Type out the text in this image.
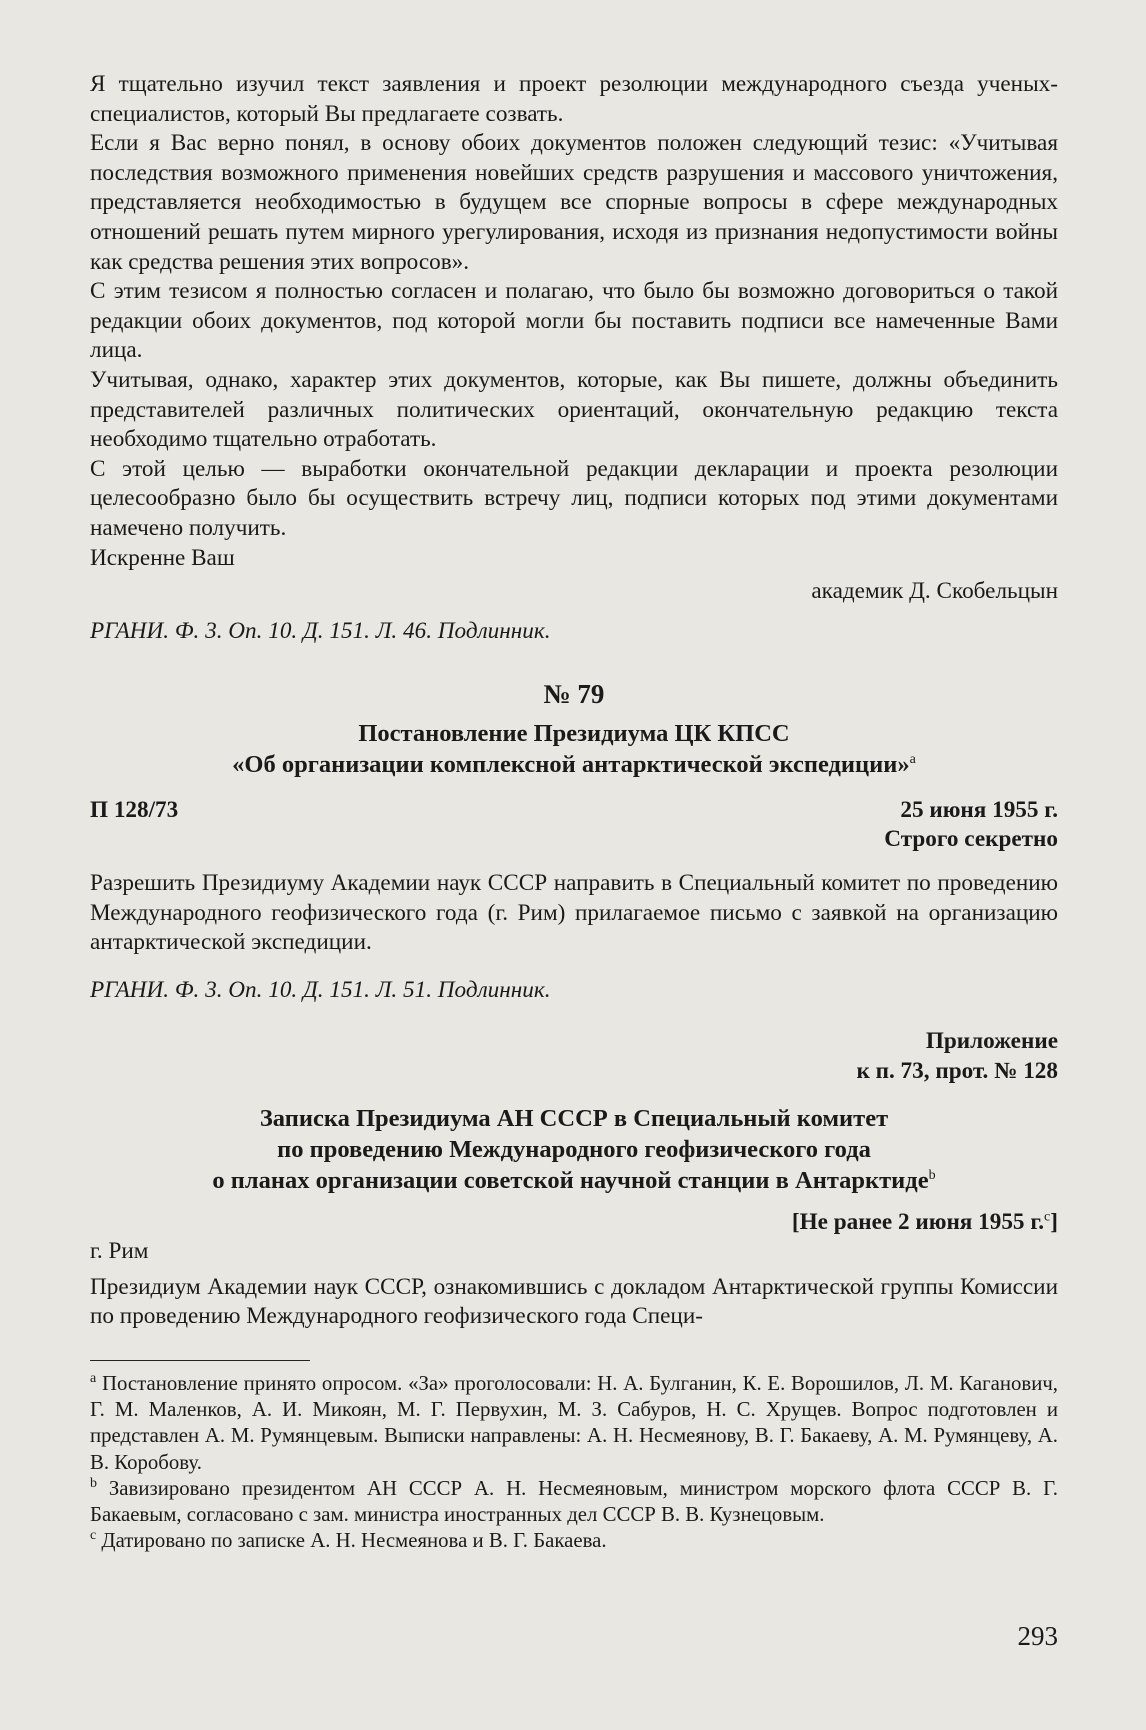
Я тщательно изучил текст заявления и проект резолюции международного съезда ученых-специалистов, который Вы предлагаете созвать.

Если я Вас верно понял, в основу обоих документов положен следующий тезис: «Учитывая последствия возможного применения новейших средств разрушения и массового уничтожения, представляется необходимостью в будущем все спорные вопросы в сфере международных отношений решать путем мирного урегулирования, исходя из признания недопустимости войны как средства решения этих вопросов».

С этим тезисом я полностью согласен и полагаю, что было бы возможно договориться о такой редакции обоих документов, под которой могли бы поставить подписи все намеченные Вами лица.

Учитывая, однако, характер этих документов, которые, как Вы пишете, должны объединить представителей различных политических ориентаций, окончательную редакцию текста необходимо тщательно отработать.

С этой целью — выработки окончательной редакции декларации и проекта резолюции целесообразно было бы осуществить встречу лиц, подписи которых под этими документами намечено получить.

Искренне Ваш

академик Д. Скобельцын

РГАНИ. Ф. 3. Оп. 10. Д. 151. Л. 46. Подлинник.

№ 79
Постановление Президиума ЦК КПСС
«Об организации комплексной антарктической экспедиции»$^a$
П 128/73	25 июня 1955 г.
Строго секретно

Разрешить Президиуму Академии наук СССР направить в Специальный комитет по проведению Международного геофизического года (г. Рим) прилагаемое письмо с заявкой на организацию антарктической экспедиции.

РГАНИ. Ф. 3. Оп. 10. Д. 151. Л. 51. Подлинник.

Приложение
к п. 73, прот. № 128
Записка Президиума АН СССР в Специальный комитет
по проведению Международного геофизического года
о планах организации советской научной станции в Антарктиде$^b$
[Не ранее 2 июня 1955 г.$^c$]

г. Рим

Президиум Академии наук СССР, ознакомившись с докладом Антарктической группы Комиссии по проведению Международного геофизического года Специ-

$^a$ Постановление принято опросом. «За» проголосовали: Н. А. Булганин, К. Е. Ворошилов, Л. М. Каганович, Г. М. Маленков, А. И. Микоян, М. Г. Первухин, М. З. Сабуров, Н. С. Хрущев. Вопрос подготовлен и представлен А. М. Румянцевым. Выписки направлены: А. Н. Несмеянову, В. Г. Бакаеву, А. М. Румянцеву, А. В. Коробову.

$^b$ Завизировано президентом АН СССР А. Н. Несмеяновым, министром морского флота СССР В. Г. Бакаевым, согласовано с зам. министра иностранных дел СССР В. В. Кузнецовым.

$^c$ Датировано по записке А. Н. Несмеянова и В. Г. Бакаева.

293
